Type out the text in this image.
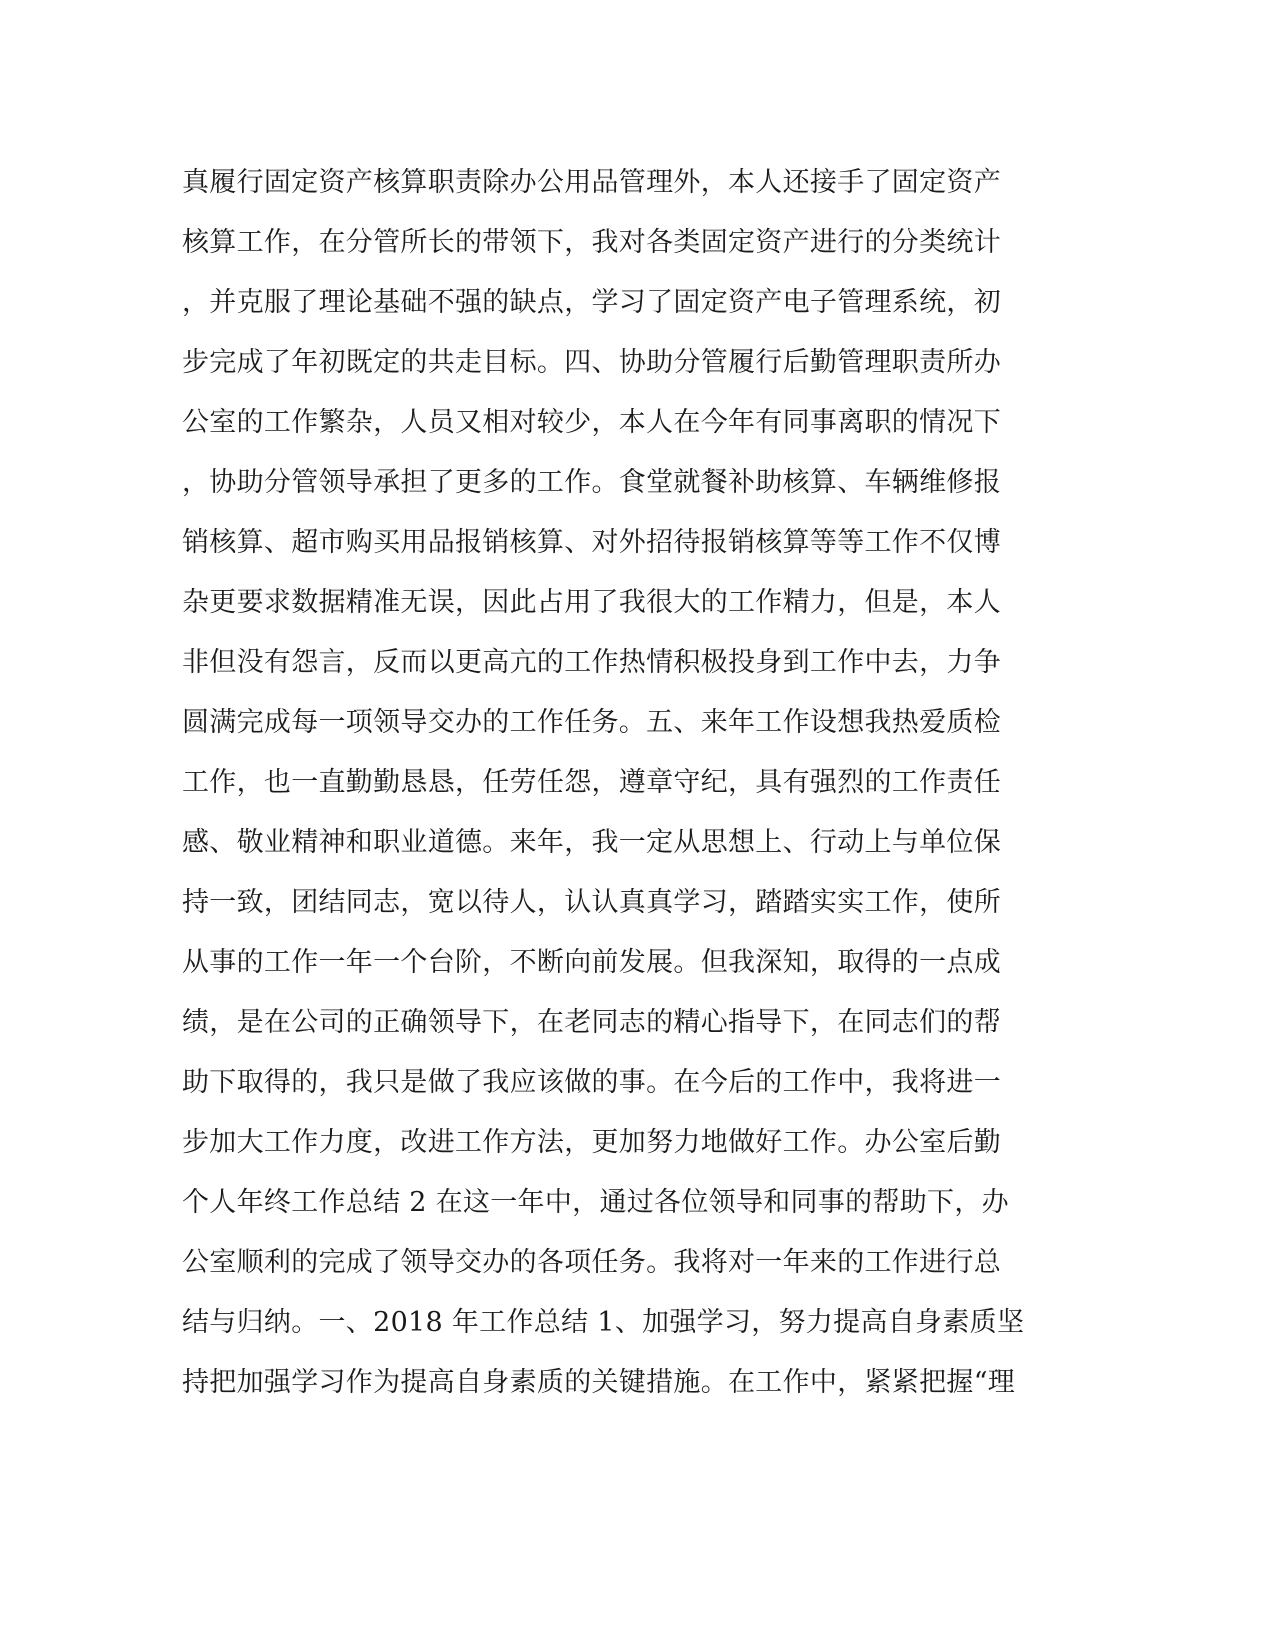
真履行固定资产核算职责除办公用品管理外，本人还接手了固定资产
核算工作，在分管所长的带领下，我对各类固定资产进行的分类统计
，并克服了理论基础不强的缺点，学习了固定资产电子管理系统，初
步完成了年初既定的共走目标。四、协助分管履行后勤管理职责所办
公室的工作繁杂，人员又相对较少，本人在今年有同事离职的情况下
，协助分管领导承担了更多的工作。食堂就餐补助核算、车辆维修报
销核算、超市购买用品报销核算、对外招待报销核算等等工作不仅博
杂更要求数据精准无误，因此占用了我很大的工作精力，但是，本人
非但没有怨言，反而以更高亢的工作热情积极投身到工作中去，力争
圆满完成每一项领导交办的工作任务。五、来年工作设想我热爱质检
工作，也一直勤勤恳恳，任劳任怨，遵章守纪，具有强烈的工作责任
感、敬业精神和职业道德。来年，我一定从思想上、行动上与单位保
持一致，团结同志，宽以待人，认认真真学习，踏踏实实工作，使所
从事的工作一年一个台阶，不断向前发展。但我深知，取得的一点成
绩，是在公司的正确领导下，在老同志的精心指导下，在同志们的帮
助下取得的，我只是做了我应该做的事。在今后的工作中，我将进一
步加大工作力度，改进工作方法，更加努力地做好工作。办公室后勤
个人年终工作总结 2 在这一年中，通过各位领导和同事的帮助下，办
公室顺利的完成了领导交办的各项任务。我将对一年来的工作进行总
结与归纳。一、2018 年工作总结 1、加强学习，努力提高自身素质坚
持把加强学习作为提高自身素质的关键措施。在工作中，紧紧把握“理
